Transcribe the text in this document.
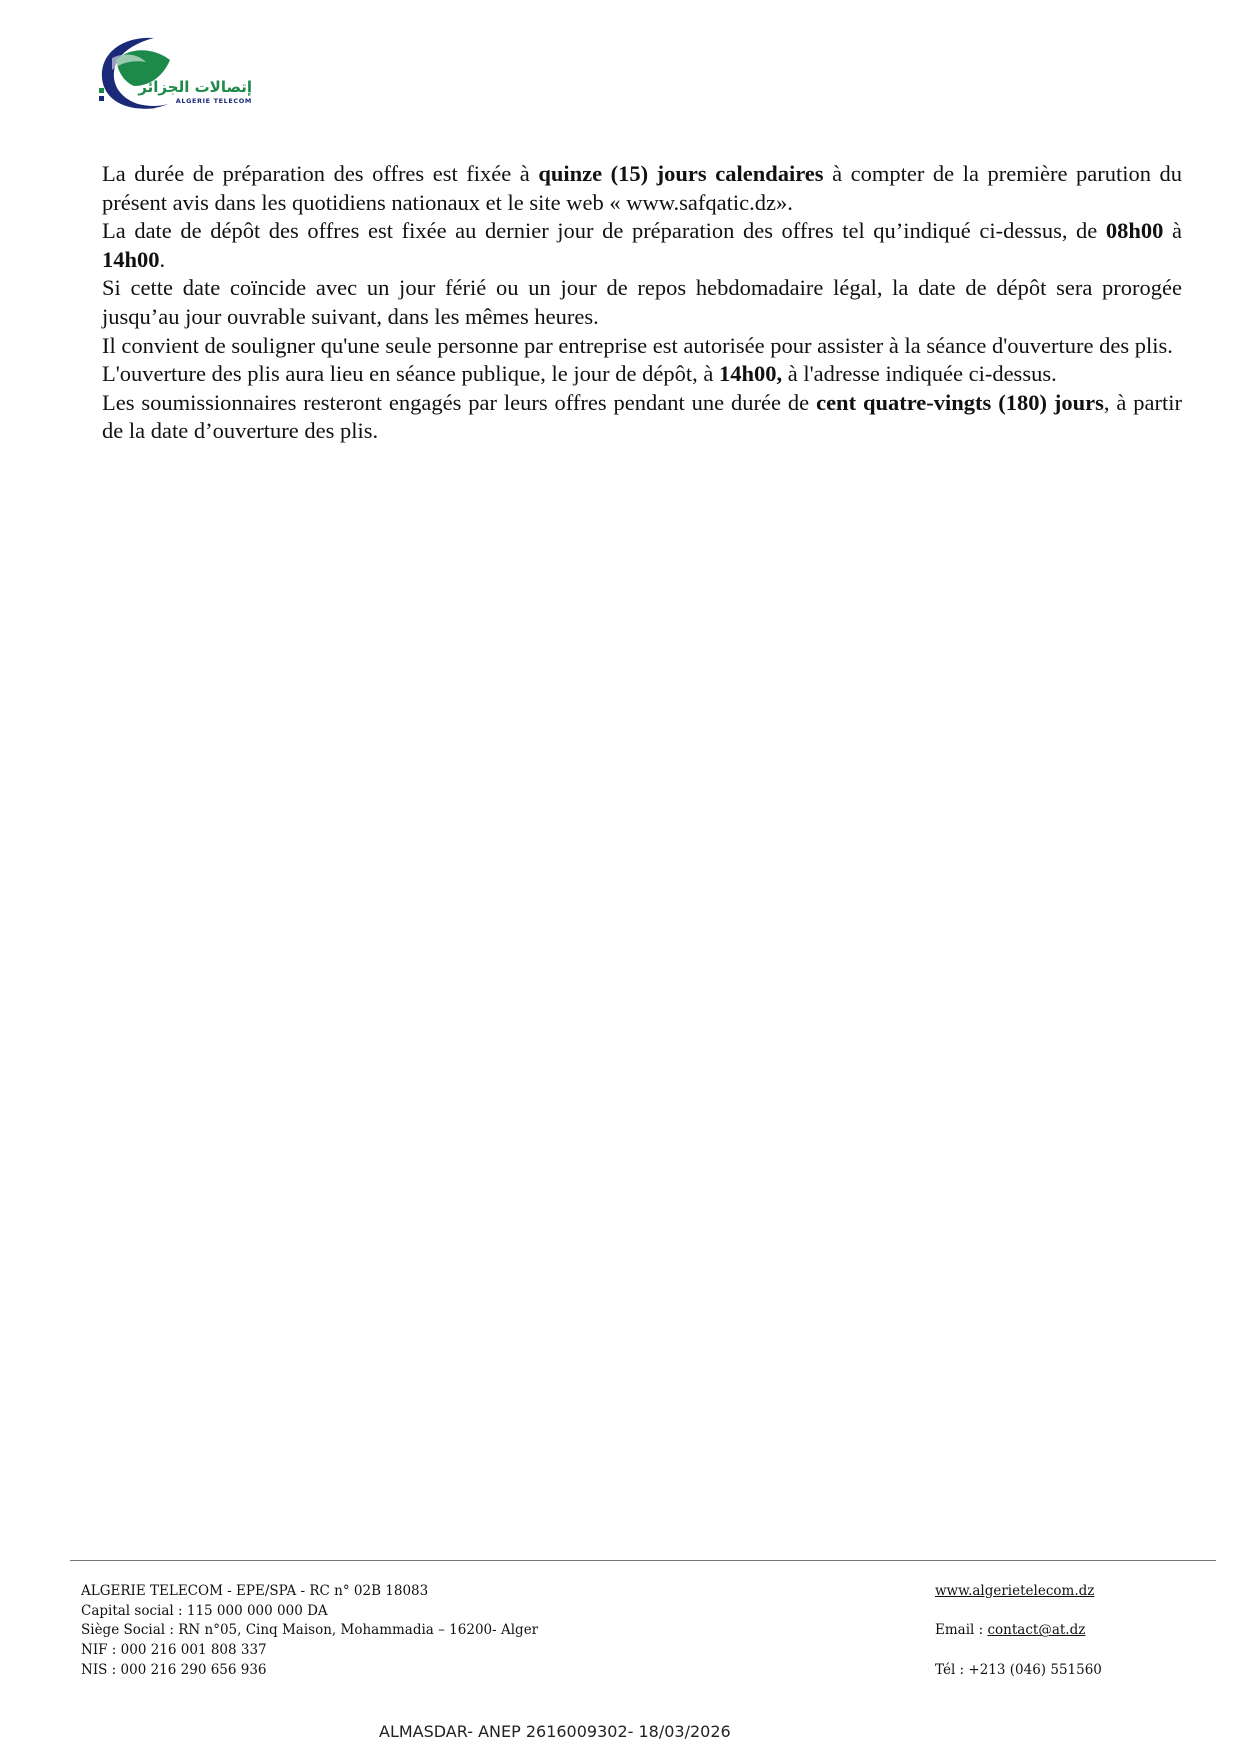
إتصالات الجزائر
ALGERIE TELECOM

La durée de préparation des offres est fixée à quinze (15) jours calendaires à compter de la première parution du présent avis dans les quotidiens nationaux et le site web « www.safqatic.dz».

La date de dépôt des offres est fixée au dernier jour de préparation des offres tel qu’indiqué ci-dessus, de 08h00 à 14h00.

Si cette date coïncide avec un jour férié ou un jour de repos hebdomadaire légal, la date de dépôt sera prorogée jusqu’au jour ouvrable suivant, dans les mêmes heures.

Il convient de souligner qu'une seule personne par entreprise est autorisée pour assister à la séance d'ouverture des plis.

L'ouverture des plis aura lieu en séance publique, le jour de dépôt, à 14h00, à l'adresse indiquée ci-dessus.

Les soumissionnaires resteront engagés par leurs offres pendant une durée de cent quatre-vingts (180) jours, à partir de la date d’ouverture des plis.

ALGERIE TELECOM - EPE/SPA - RC n° 02B 18083
Capital social : 115 000 000 000 DA
Siège Social : RN n°05, Cinq Maison, Mohammadia – 16200- Alger
NIF : 000 216 001 808 337
NIS : 000 216 290 656 936
www.algerietelecom.dz
Email : contact@at.dz
Tél : +213 (046) 551560
ALMASDAR- ANEP 2616009302- 18/03/2026
